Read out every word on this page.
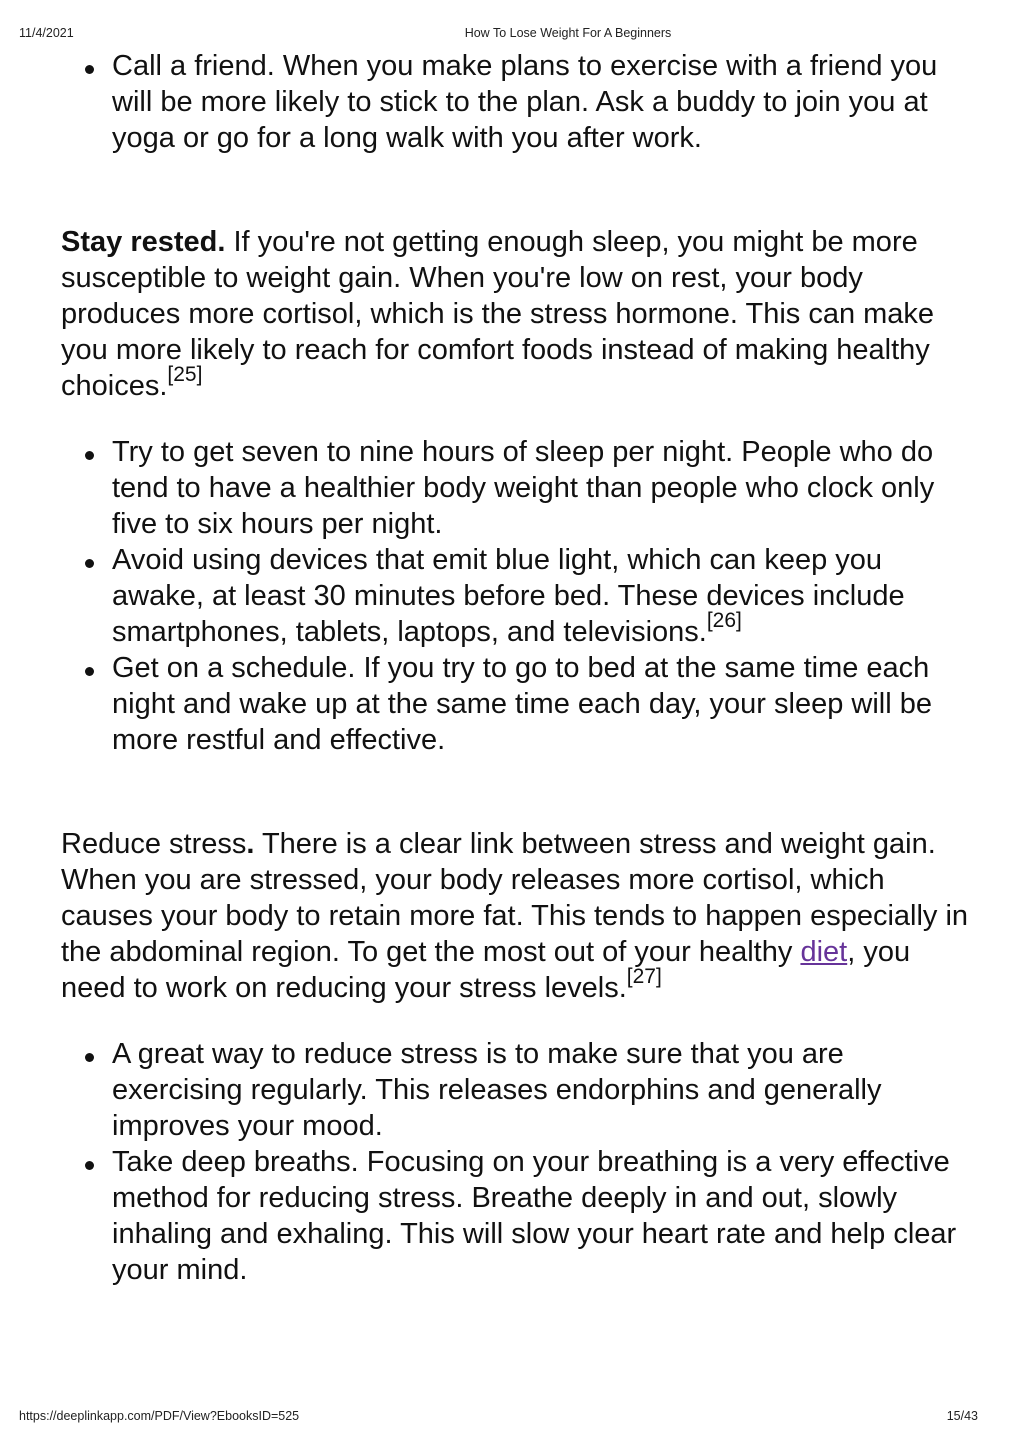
11/4/2021	How To Lose Weight For A Beginners
Call a friend. When you make plans to exercise with a friend you will be more likely to stick to the plan. Ask a buddy to join you at yoga or go for a long walk with you after work.

Stay rested. If you're not getting enough sleep, you might be more susceptible to weight gain. When you're low on rest, your body produces more cortisol, which is the stress hormone. This can make you more likely to reach for comfort foods instead of making healthy choices.[25]

Try to get seven to nine hours of sleep per night. People who do tend to have a healthier body weight than people who clock only five to six hours per night.
Avoid using devices that emit blue light, which can keep you awake, at least 30 minutes before bed. These devices include smartphones, tablets, laptops, and televisions.[26]
Get on a schedule. If you try to go to bed at the same time each night and wake up at the same time each day, your sleep will be more restful and effective.

Reduce stress. There is a clear link between stress and weight gain. When you are stressed, your body releases more cortisol, which causes your body to retain more fat. This tends to happen especially in the abdominal region. To get the most out of your healthy diet, you need to work on reducing your stress levels.[27]

A great way to reduce stress is to make sure that you are exercising regularly. This releases endorphins and generally improves your mood.
Take deep breaths. Focusing on your breathing is a very effective method for reducing stress. Breathe deeply in and out, slowly inhaling and exhaling. This will slow your heart rate and help clear your mind.
https://deeplinkapp.com/PDF/View?EbooksID=525	15/43
